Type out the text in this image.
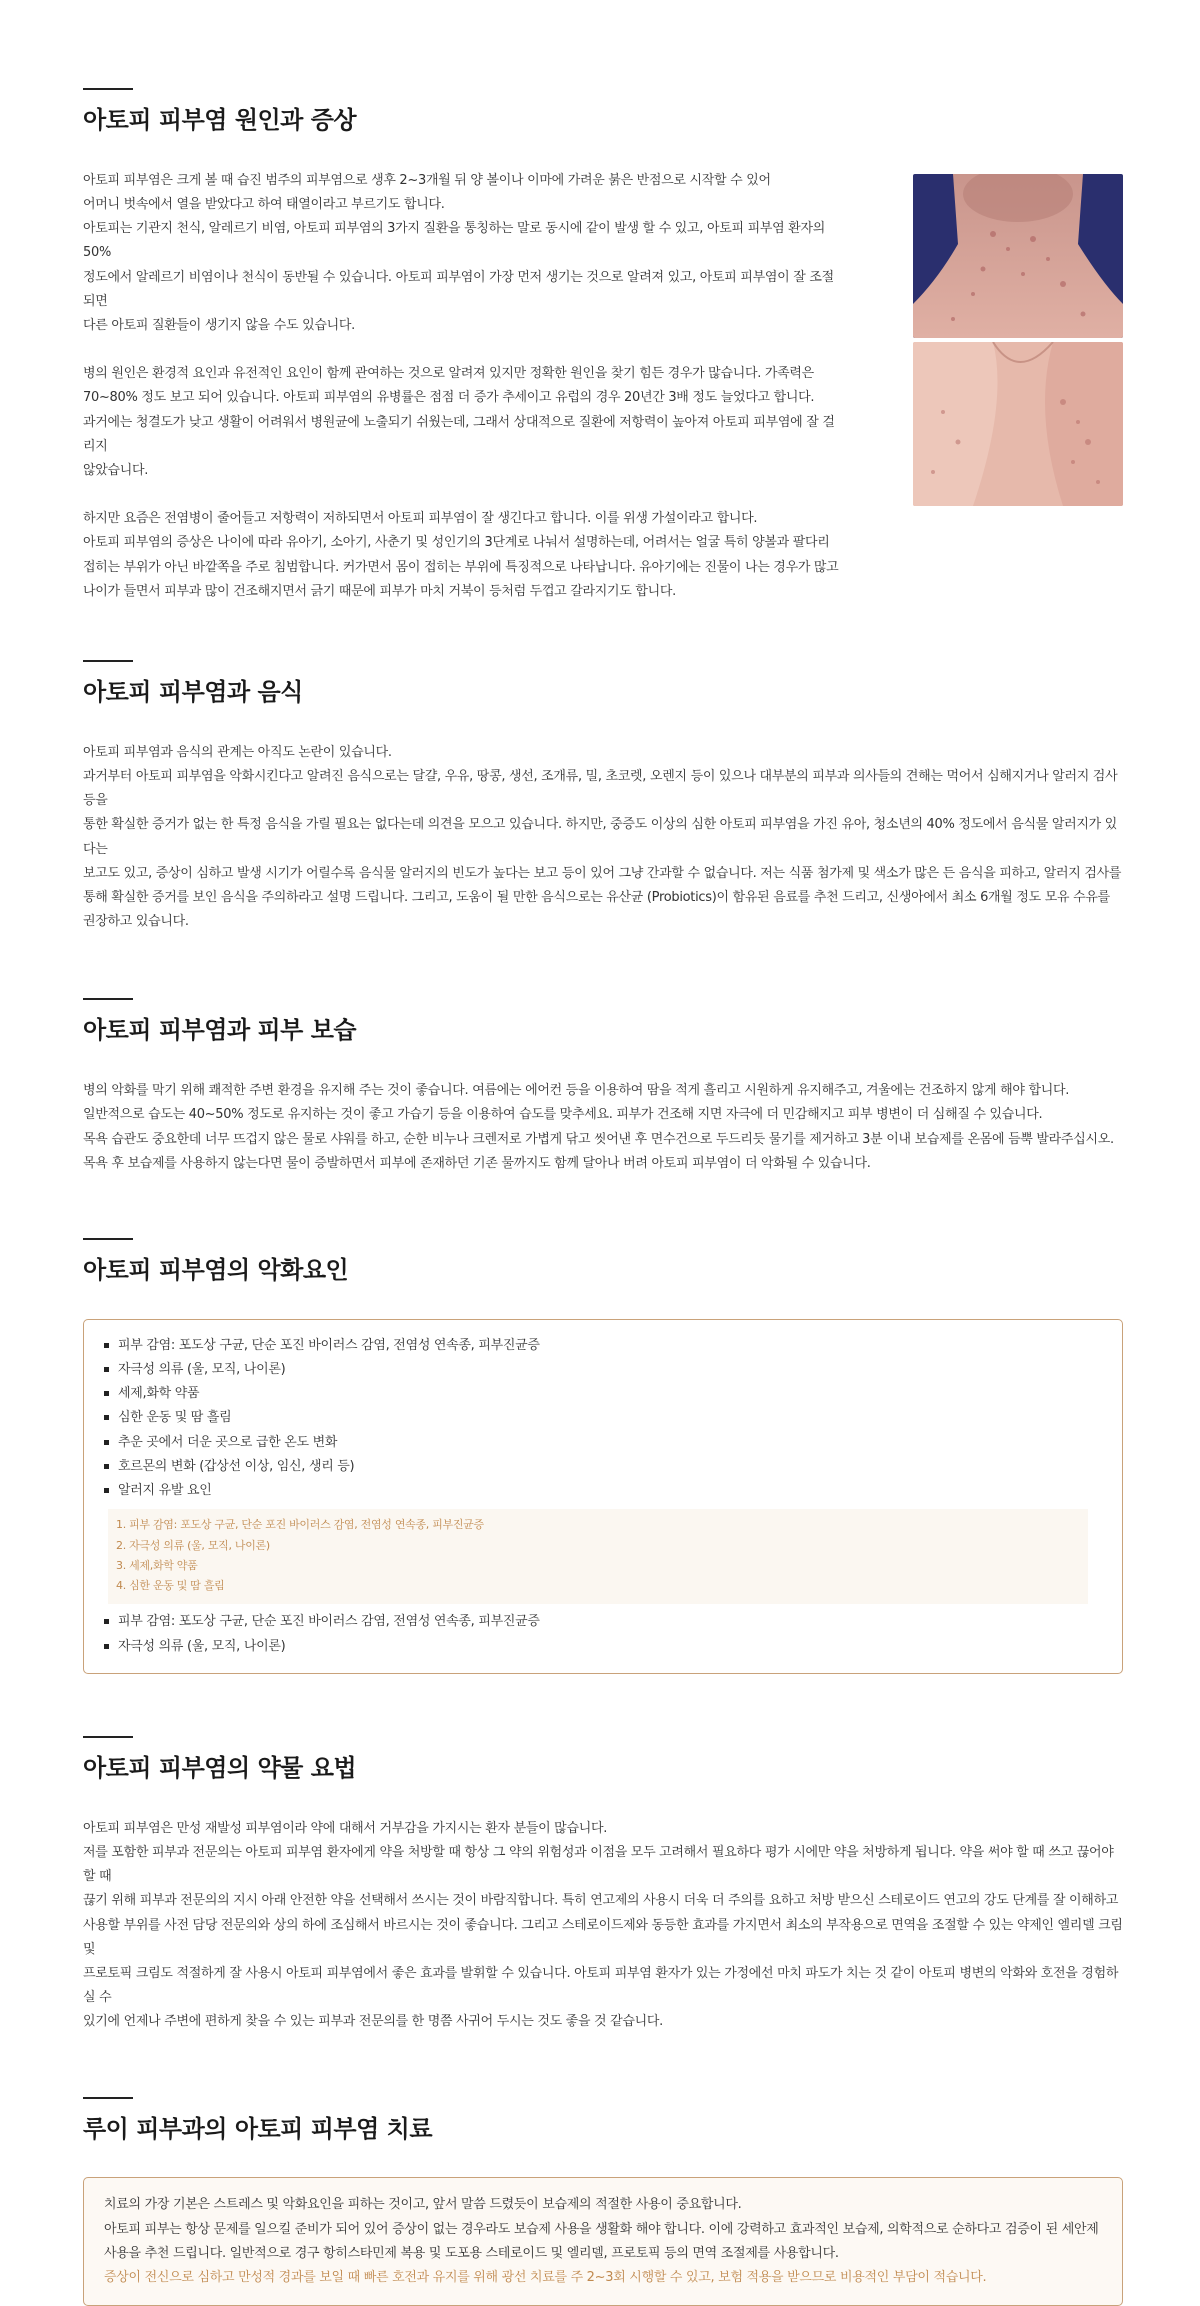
아토피 피부염 원인과 증상

아토피 피부염은 크게 볼 때 습진 범주의 피부염으로 생후 2~3개월 뒤 양 볼이나 이마에 가려운 붉은 반점으로 시작할 수 있어

어머니 벗속에서 열을 받았다고 하여 태열이라고 부르기도 합니다.

아토피는 기관지 천식, 알레르기 비염, 아토피 피부염의 3가지 질환을 통칭하는 말로 동시에 같이 발생 할 수 있고, 아토피 피부염 환자의 50%

정도에서 알레르기 비염이나 천식이 동반될 수 있습니다. 아토피 피부염이 가장 먼저 생기는 것으로 알려져 있고, 아토피 피부염이 잘 조절되면

다른 아토피 질환들이 생기지 않을 수도 있습니다.

병의 원인은 환경적 요인과 유전적인 요인이 함께 관여하는 것으로 알려져 있지만 정확한 원인을 찾기 힘든 경우가 많습니다. 가족력은

70~80% 정도 보고 되어 있습니다. 아토피 피부염의 유병률은 점점 더 증가 추세이고 유럽의 경우 20년간 3배 정도 늘었다고 합니다.

과거에는 청결도가 낮고 생활이 어려워서 병원균에 노출되기 쉬웠는데, 그래서 상대적으로 질환에 저항력이 높아져 아토피 피부염에 잘 걸리지

않았습니다.

하지만 요즘은 전염병이 줄어들고 저항력이 저하되면서 아토피 피부염이 잘 생긴다고 합니다. 이를 위생 가설이라고 합니다.

아토피 피부염의 증상은 나이에 따라 유아기, 소아기, 사춘기 및 성인기의 3단계로 나눠서 설명하는데, 어려서는 얼굴 특히 양볼과 팔다리

접히는 부위가 아닌 바깥쪽을 주로 침범합니다. 커가면서 몸이 접히는 부위에 특징적으로 나타납니다. 유아기에는 진물이 나는 경우가 많고

나이가 들면서 피부과 많이 건조해지면서 긁기 때문에 피부가 마치 거북이 등처럼 두껍고 갈라지기도 합니다.

아토피 피부염과 음식

아토피 피부염과 음식의 관계는 아직도 논란이 있습니다.

과거부터 아토피 피부염을 악화시킨다고 알려진 음식으로는 달걀, 우유, 땅콩, 생선, 조개류, 밀, 초코렛, 오렌지 등이 있으나 대부분의 피부과 의사들의 견해는 먹어서 심해지거나 알러지 검사 등을

통한 확실한 증거가 없는 한 특정 음식을 가릴 필요는 없다는데 의견을 모으고 있습니다. 하지만, 중증도 이상의 심한 아토피 피부염을 가진 유아, 청소년의 40% 정도에서 음식물 알러지가 있다는

보고도 있고, 증상이 심하고 발생 시기가 어릴수록 음식물 알러지의 빈도가 높다는 보고 등이 있어 그냥 간과할 수 없습니다. 저는 식품 첨가제 및 색소가 많은 든 음식을 피하고, 알러지 검사를

통해 확실한 증거를 보인 음식을 주의하라고 설명 드립니다. 그리고, 도움이 될 만한 음식으로는 유산균 (Probiotics)이 함유된 음료를 추천 드리고, 신생아에서 최소 6개월 정도 모유 수유를

권장하고 있습니다.

아토피 피부염과 피부 보습

병의 악화를 막기 위해 쾌적한 주변 환경을 유지해 주는 것이 좋습니다. 여름에는 에어컨 등을 이용하여 땀을 적게 흘리고 시원하게 유지해주고, 겨울에는 건조하지 않게 해야 합니다.

일반적으로 습도는 40~50% 정도로 유지하는 것이 좋고 가습기 등을 이용하여 습도를 맞추세요. 피부가 건조해 지면 자극에 더 민감해지고 피부 병변이 더 심해질 수 있습니다.

목욕 습관도 중요한데 너무 뜨겁지 않은 물로 샤워를 하고, 순한 비누나 크렌저로 가볍게 닦고 씻어낸 후 면수건으로 두드리듯 물기를 제거하고 3분 이내 보습제를 온몸에 듬뿍 발라주십시오.

목욕 후 보습제를 사용하지 않는다면 물이 증발하면서 피부에 존재하던 기존 물까지도 함께 달아나 버려 아토피 피부염이 더 악화될 수 있습니다.

아토피 피부염의 악화요인
피부 감염: 포도상 구균, 단순 포진 바이러스 감염, 전염성 연속종, 피부진균증
자극성 의류 (울, 모직, 나이론)
세제,화학 약품
심한 운동 및 땀 흘림
추운 곳에서 더운 곳으로 급한 온도 변화
호르몬의 변화 (갑상선 이상, 임신, 생리 등)
알러지 유발 요인
1. 피부 감염: 포도상 구균, 단순 포진 바이러스 감염, 전염성 연속종, 피부진균증
2. 자극성 의류 (울, 모직, 나이론)
3. 세제,화학 약품
4. 심한 운동 및 땀 흘림
피부 감염: 포도상 구균, 단순 포진 바이러스 감염, 전염성 연속종, 피부진균증
자극성 의류 (울, 모직, 나이론)
아토피 피부염의 약물 요법

아토피 피부염은 만성 재발성 피부염이라 약에 대해서 거부감을 가지시는 환자 분들이 많습니다.

저를 포함한 피부과 전문의는 아토피 피부염 환자에게 약을 처방할 때 항상 그 약의 위험성과 이점을 모두 고려해서 필요하다 평가 시에만 약을 처방하게 됩니다. 약을 써야 할 때 쓰고 끊어야 할 때

끊기 위해 피부과 전문의의 지시 아래 안전한 약을 선택해서 쓰시는 것이 바람직합니다. 특히 연고제의 사용시 더욱 더 주의를 요하고 처방 받으신 스테로이드 연고의 강도 단계를 잘 이해하고

사용할 부위를 사전 담당 전문의와 상의 하에 조심해서 바르시는 것이 좋습니다. 그리고 스테로이드제와 동등한 효과를 가지면서 최소의 부작용으로 면역을 조절할 수 있는 약제인 엘리델 크림 및

프로토픽 크림도 적절하게 잘 사용시 아토피 피부염에서 좋은 효과를 발휘할 수 있습니다. 아토피 피부염 환자가 있는 가정에선 마치 파도가 치는 것 같이 아토피 병변의 악화와 호전을 경험하실 수

있기에 언제나 주변에 편하게 찾을 수 있는 피부과 전문의를 한 명쯤 사귀어 두시는 것도 좋을 것 같습니다.

루이 피부과의 아토피 피부염 치료

치료의 가장 기본은 스트레스 및 악화요인을 피하는 것이고, 앞서 말씀 드렸듯이 보습제의 적절한 사용이 중요합니다.

아토피 피부는 항상 문제를 일으킬 준비가 되어 있어 증상이 없는 경우라도 보습제 사용을 생활화 해야 합니다. 이에 강력하고 효과적인 보습제, 의학적으로 순하다고 검증이 된 세안제

사용을 추천 드립니다. 일반적으로 경구 항히스타민제 복용 및 도포용 스테로이드 및 엘리델, 프로토픽 등의 면역 조절제를 사용합니다.

증상이 전신으로 심하고 만성적 경과를 보일 때 빠른 호전과 유지를 위해 광선 치료를 주 2~3회 시행할 수 있고, 보험 적용을 받으므로 비용적인 부담이 적습니다.
